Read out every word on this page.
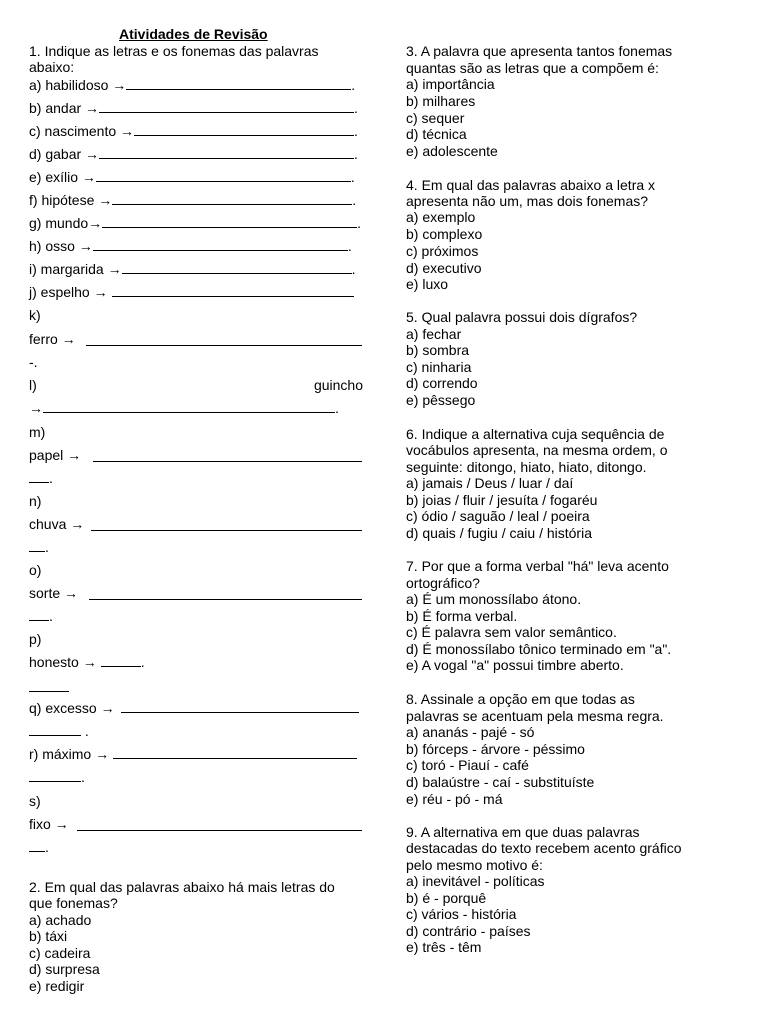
Atividades de Revisão
1. Indique as letras e os fonemas das palavras
abaixo:
a) habilidoso →	.
b) andar →	.
c) nascimento →	.
d) gabar →	.
e) exílio →	.
f) hipótese →	.
g) mundo→	.
h) osso →	.
i) margarida →	.
j) espelho →
k)
ferro →
-.
l)	guincho
→	.
m)
papel →
.
n)
chuva →
.
o)
sorte →
.
p)
honesto →	.
q) excesso →
.
r) máximo →
.
s)
fixo →
.
2. Em qual das palavras abaixo há mais letras do
que fonemas?
a) achado
b) táxi
c) cadeira
d) surpresa
e) redigir
3. A palavra que apresenta tantos fonemas
quantas são as letras que a compõem é:
a) importância
b) milhares
c) sequer
d) técnica
e) adolescente
4. Em qual das palavras abaixo a letra x
apresenta não um, mas dois fonemas?
a) exemplo
b) complexo
c) próximos
d) executivo
e) luxo
5. Qual palavra possui dois dígrafos?
a) fechar
b) sombra
c) ninharia
d) correndo
e) pêssego
6. Indique a alternativa cuja sequência de
vocábulos apresenta, na mesma ordem, o
seguinte: ditongo, hiato, hiato, ditongo.
a) jamais / Deus / luar / daí
b) joias / fluir / jesuíta / fogaréu
c) ódio / saguão / leal / poeira
d) quais / fugiu / caiu / história
7. Por que a forma verbal "há" leva acento
ortográfico?
a) É um monossílabo átono.
b) É forma verbal.
c) É palavra sem valor semântico.
d) É monossílabo tônico terminado em "a".
e) A vogal "a" possui timbre aberto.
8. Assinale a opção em que todas as
palavras se acentuam pela mesma regra.
a) ananás - pajé - só
b) fórceps - árvore - péssimo
c) toró - Piauí - café
d) balaústre - caí - substituíste
e) réu - pó - má
9. A alternativa em que duas palavras
destacadas do texto recebem acento gráfico
pelo mesmo motivo é:
a) inevitável - políticas
b) é - porquê
c) vários - história
d) contrário - países
e) três - têm
